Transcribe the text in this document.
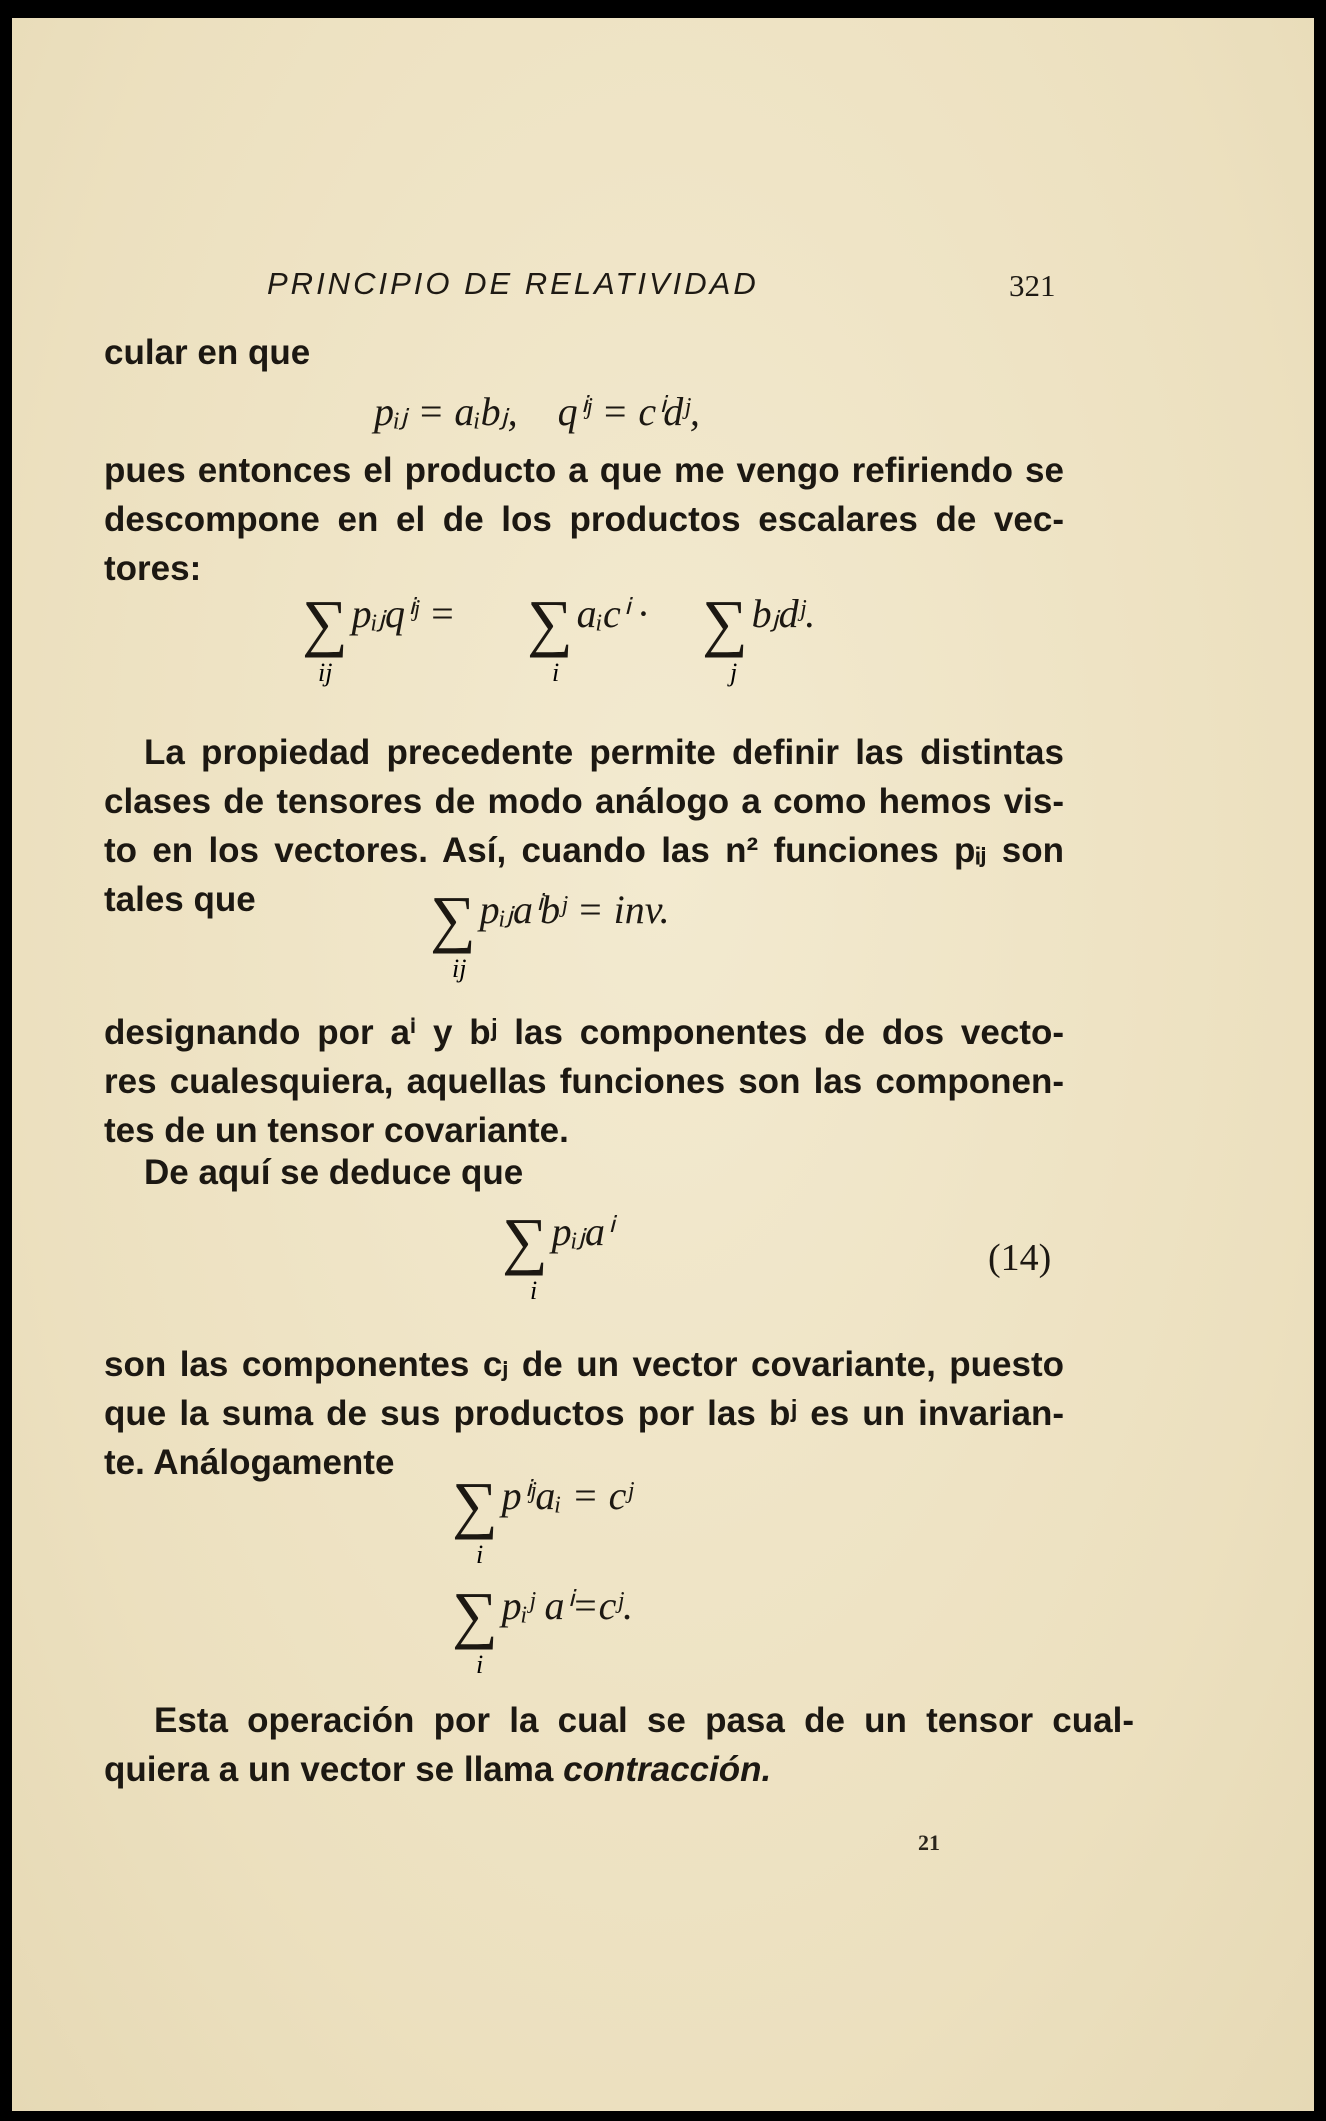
PRINCIPIO DE RELATIVIDAD	321
cular en que
pᵢⱼ = aᵢbⱼ,    qⁱʲ = cⁱdʲ,
pues entonces el producto a que me vengo refiriendo se
descompone en el de los productos escalares de vec-
tores:
∑ pᵢⱼqⁱʲ =
ij
∑ aᵢcⁱ ·
i
∑ bⱼdʲ.
j
La propiedad precedente permite definir las distintas
clases de tensores de modo análogo a como hemos vis-
to en los vectores. Así, cuando las n² funciones pᵢⱼ son
tales que	∑ pᵢⱼaⁱbʲ = inv.
ij
designando por aⁱ y bʲ las componentes de dos vecto-
res cualesquiera, aquellas funciones son las componen-
tes de un tensor covariante.
De aquí se deduce que
∑ pᵢⱼaⁱ
i
(14)
son las componentes cⱼ de un vector covariante, puesto
que la suma de sus productos por las bʲ es un invarian-
te. Análogamente
∑ pⁱʲaᵢ = cʲ
i
∑ pᵢʲ aⁱ=cʲ.
i
Esta operación por la cual se pasa de un tensor cual-
quiera a un vector se llama contracción.
21
